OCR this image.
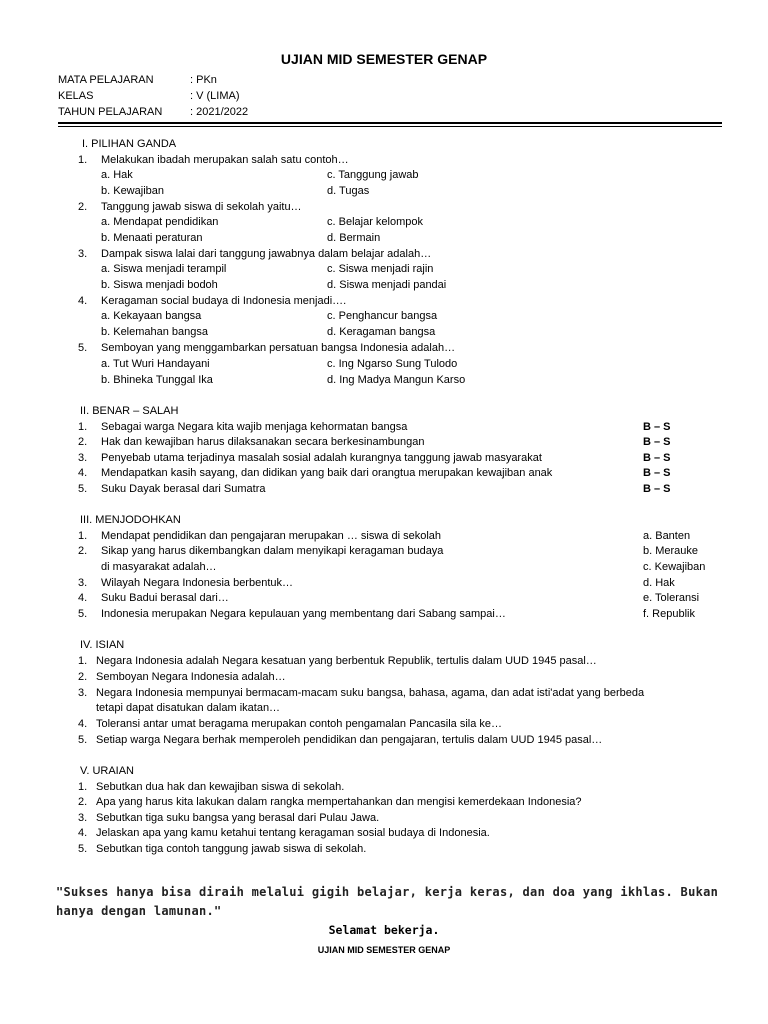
UJIAN MID SEMESTER GENAP
MATA PELAJARAN	: PKn
KELAS	: V (LIMA)
TAHUN PELAJARAN	: 2021/2022
I. PILIHAN GANDA
1. Melakukan ibadah merupakan salah satu contoh…
a. Hak	c. Tanggung jawab
b. Kewajiban	d. Tugas
2. Tanggung jawab siswa di sekolah yaitu…
a. Mendapat pendidikan	c. Belajar kelompok
b. Menaati peraturan	d. Bermain
3. Dampak siswa lalai dari tanggung jawabnya dalam belajar adalah…
a. Siswa menjadi terampil	c. Siswa menjadi rajin
b. Siswa menjadi bodoh	d. Siswa menjadi pandai
4. Keragaman social budaya di Indonesia menjadi….
a. Kekayaan bangsa	c. Penghancur bangsa
b. Kelemahan bangsa	d. Keragaman bangsa
5. Semboyan yang menggambarkan persatuan bangsa Indonesia adalah…
a. Tut Wuri Handayani	c. Ing Ngarso Sung Tulodo
b. Bhineka Tunggal Ika	d. Ing Madya Mangun Karso
II. BENAR – SALAH
1. Sebagai warga Negara kita wajib menjaga kehormatan bangsa	B – S
2. Hak dan kewajiban harus dilaksanakan secara berkesinambungan	B – S
3. Penyebab utama terjadinya masalah sosial adalah kurangnya tanggung jawab masyarakat	B – S
4. Mendapatkan kasih sayang, dan didikan yang baik dari orangtua merupakan kewajiban anak	B – S
5. Suku Dayak berasal dari Sumatra	B – S
III. MENJODOHKAN
1. Mendapat pendidikan dan pengajaran merupakan … siswa di sekolah	a. Banten
2. Sikap yang harus dikembangkan dalam menyikapi keragaman budaya	b. Merauke
di masyarakat adalah…	c. Kewajiban
3. Wilayah Negara Indonesia berbentuk…	d. Hak
4. Suku Badui berasal dari…	e. Toleransi
5. Indonesia merupakan Negara kepulauan yang membentang dari Sabang sampai…	f. Republik
IV. ISIAN
1. Negara Indonesia adalah Negara kesatuan yang berbentuk Republik, tertulis dalam UUD 1945 pasal…
2. Semboyan Negara Indonesia adalah…
3. Negara Indonesia mempunyai bermacam-macam suku bangsa, bahasa, agama, dan adat isti'adat yang berbeda
tetapi dapat disatukan dalam ikatan…
4. Toleransi antar umat beragama merupakan contoh pengamalan Pancasila sila ke…
5. Setiap warga Negara berhak memperoleh pendidikan dan pengajaran, tertulis dalam UUD 1945 pasal…
V. URAIAN
1. Sebutkan dua hak dan kewajiban siswa di sekolah.
2. Apa yang harus kita lakukan dalam rangka mempertahankan dan mengisi kemerdekaan Indonesia?
3. Sebutkan tiga suku bangsa yang berasal dari Pulau Jawa.
4. Jelaskan apa yang kamu ketahui tentang keragaman sosial budaya di Indonesia.
5. Sebutkan tiga contoh tanggung jawab siswa di sekolah.
"Sukses hanya bisa diraih melalui gigih belajar, kerja keras, dan doa yang ikhlas. Bukan hanya dengan lamunan."
Selamat bekerja.
UJIAN MID SEMESTER GENAP
